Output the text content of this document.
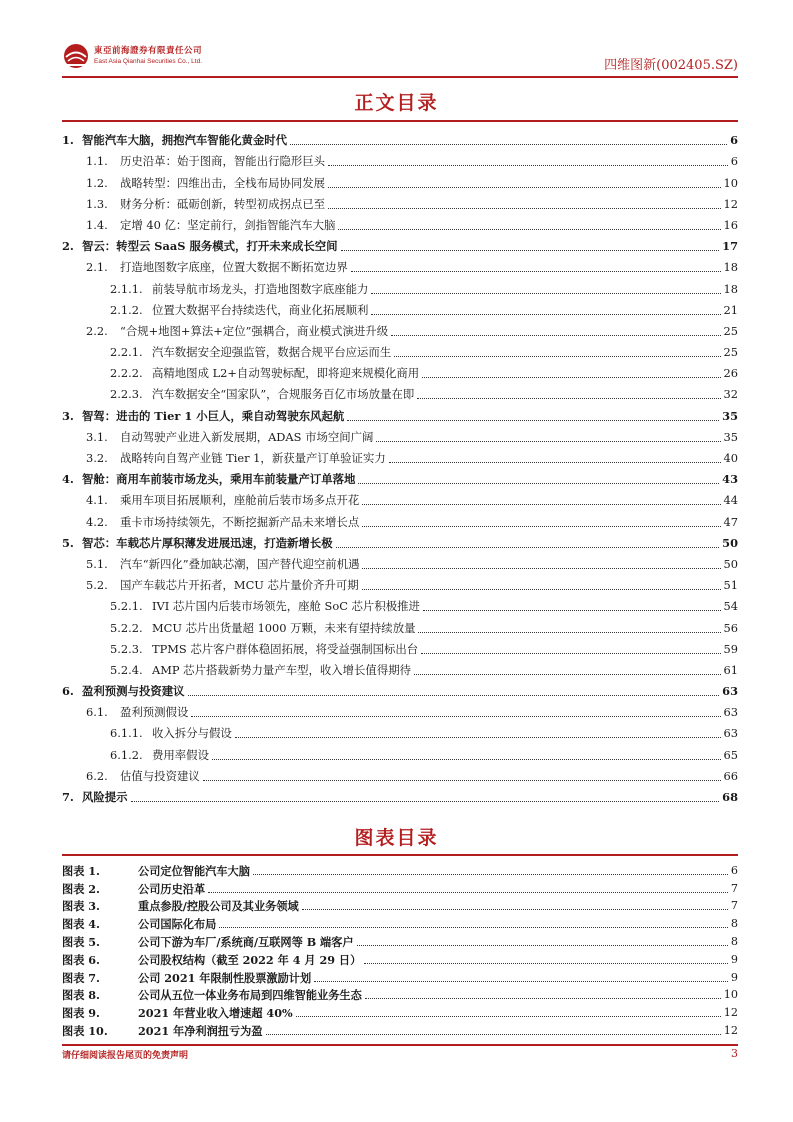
東亞前海證券有限責任公司
East Asia Qianhai Securities Co., Ltd.	四维图新(002405.SZ)
正文目录
1. 智能汽车大脑，拥抱汽车智能化黄金时代	6
1.1.	历史沿革：始于图商，智能出行隐形巨头	6
1.2.	战略转型：四维出击，全栈布局协同发展	10
1.3.	财务分析：砥砺创新，转型初成拐点已至	12
1.4.	定增 40 亿：坚定前行，剑指智能汽车大脑	16
2. 智云：转型云 SaaS 服务模式，打开未来成长空间	17
2.1.	打造地图数字底座，位置大数据不断拓宽边界	18
2.1.1. 前装导航市场龙头，打造地图数字底座能力	18
2.1.2. 位置大数据平台持续迭代，商业化拓展顺利	21
2.2.	“合规+地图+算法+定位”强耦合，商业模式演进升级	25
2.2.1. 汽车数据安全迎强监管，数据合规平台应运而生	25
2.2.2. 高精地图成 L2+自动驾驶标配，即将迎来规模化商用	26
2.2.3. 汽车数据安全“国家队”，合规服务百亿市场放量在即	32
3. 智驾：进击的 Tier 1 小巨人，乘自动驾驶东风起航	35
3.1.	自动驾驶产业进入新发展期，ADAS 市场空间广阔	35
3.2.	战略转向自驾产业链 Tier 1，新获量产订单验证实力	40
4. 智舱：商用车前装市场龙头，乘用车前装量产订单落地	43
4.1.	乘用车项目拓展顺利，座舱前后装市场多点开花	44
4.2.	重卡市场持续领先，不断挖掘新产品未来增长点	47
5. 智芯：车载芯片厚积薄发进展迅速，打造新增长极	50
5.1.	汽车“新四化”叠加缺芯潮，国产替代迎空前机遇	50
5.2.	国产车载芯片开拓者，MCU 芯片量价齐升可期	51
5.2.1. IVI 芯片国内后装市场领先，座舱 SoC 芯片积极推进	54
5.2.2. MCU 芯片出货量超 1000 万颗，未来有望持续放量	56
5.2.3. TPMS 芯片客户群体稳固拓展，将受益强制国标出台	59
5.2.4. AMP 芯片搭载新势力量产车型，收入增长值得期待	61
6. 盈利预测与投资建议	63
6.1.	盈利预测假设	63
6.1.1. 收入拆分与假设	63
6.1.2. 费用率假设	65
6.2.	估值与投资建议	66
7. 风险提示	68
图表目录
图表 1.	公司定位智能汽车大脑	6
图表 2.	公司历史沿革	7
图表 3.	重点参股/控股公司及其业务领域	7
图表 4.	公司国际化布局	8
图表 5.	公司下游为车厂/系统商/互联网等 B 端客户	8
图表 6.	公司股权结构（截至 2022 年 4 月 29 日）	9
图表 7.	公司 2021 年限制性股票激励计划	9
图表 8.	公司从五位一体业务布局到四维智能业务生态	10
图表 9.	2021 年营业收入增速超 40%	12
图表 10.	2021 年净利润扭亏为盈	12
请仔细阅读报告尾页的免责声明	3
